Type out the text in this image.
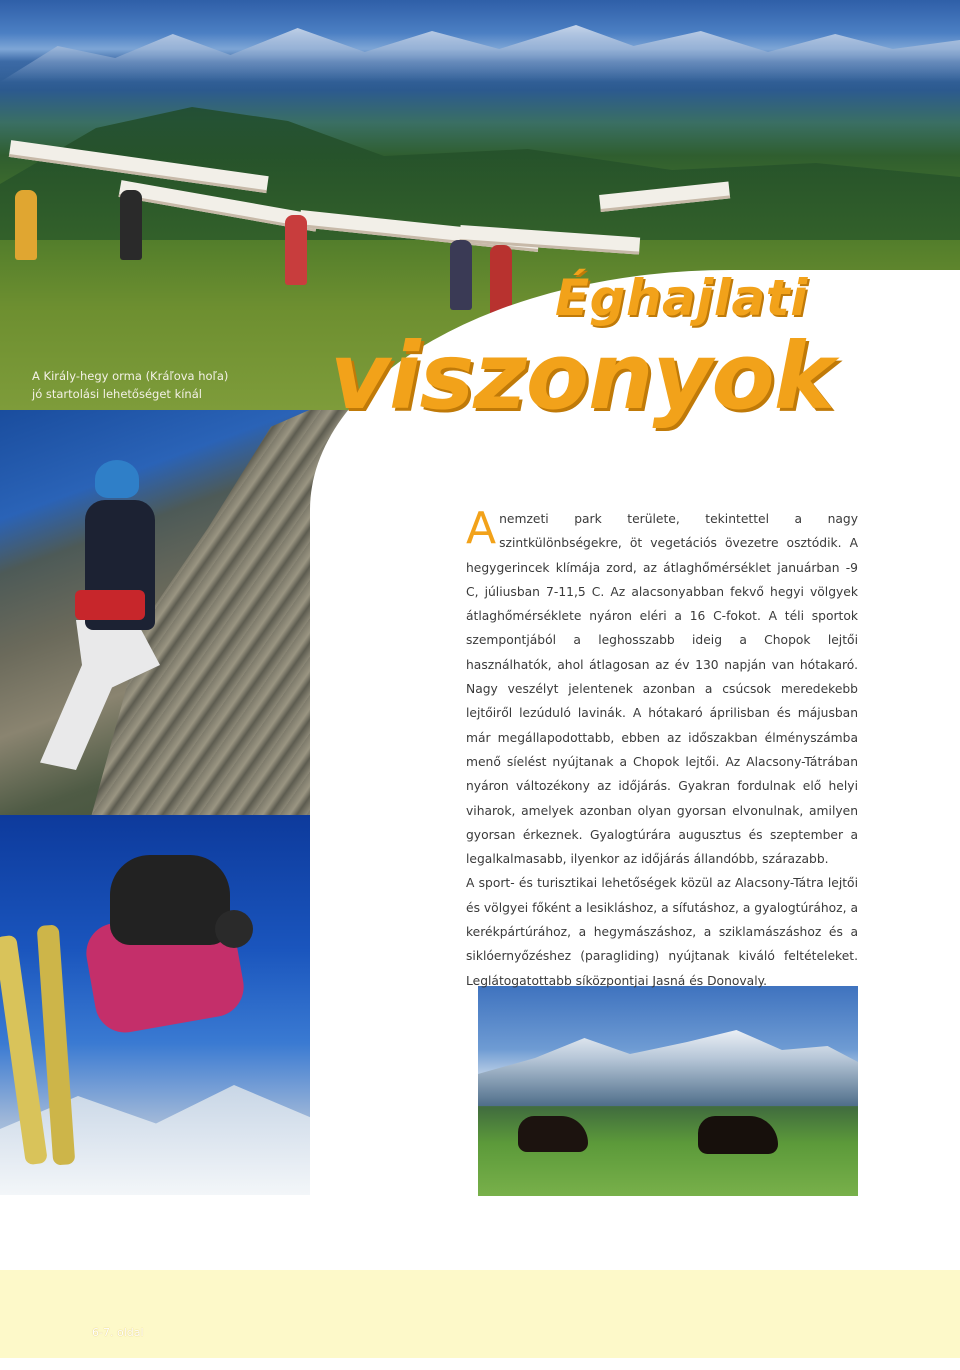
A Király-hegy orma (Kráľova hoľa)
jó startolási lehetőséget kínál
Éghajlati
viszonyok

Anemzeti park területe, tekintettel a nagy szintkülönbségekre, öt vegetációs övezetre osztódik. A hegygerincek klímája zord, az átlaghőmérséklet januárban -9 C, júliusban 7-11,5 C. Az alacsonyabban fekvő hegyi völgyek átlaghőmérséklete nyáron eléri a 16 C-fokot. A téli sportok szempontjából a leghosszabb ideig a Chopok lejtői használhatók, ahol átlagosan az év 130 napján van hótakaró. Nagy veszélyt jelentenek azonban a csúcsok meredekebb lejtőiről lezúduló lavinák. A hótakaró áprilisban és májusban már megállapodottabb, ebben az időszakban élményszámba menő síelést nyújtanak a Chopok lejtői. Az Alacsony-Tátrában nyáron változékony az időjárás. Gyakran fordulnak elő helyi viharok, amelyek azonban olyan gyorsan elvonulnak, amilyen gyorsan érkeznek. Gyalogtúrára augusztus és szeptember a legalkalmasabb, ilyenkor az időjárás állandóbb, szárazabb.

A sport- és turisztikai lehetőségek közül az Alacsony-Tátra lejtői és völgyei főként a lesikláshoz, a sífutáshoz, a gyalogtúrához, a kerékpártúrához, a hegymászáshoz, a sziklamászáshoz és a siklóernyőzéshez (paragliding) nyújtanak kiváló feltételeket. Leglátogatottabb síközpontjai Jasná és Donovaly.

6-7. oldal
